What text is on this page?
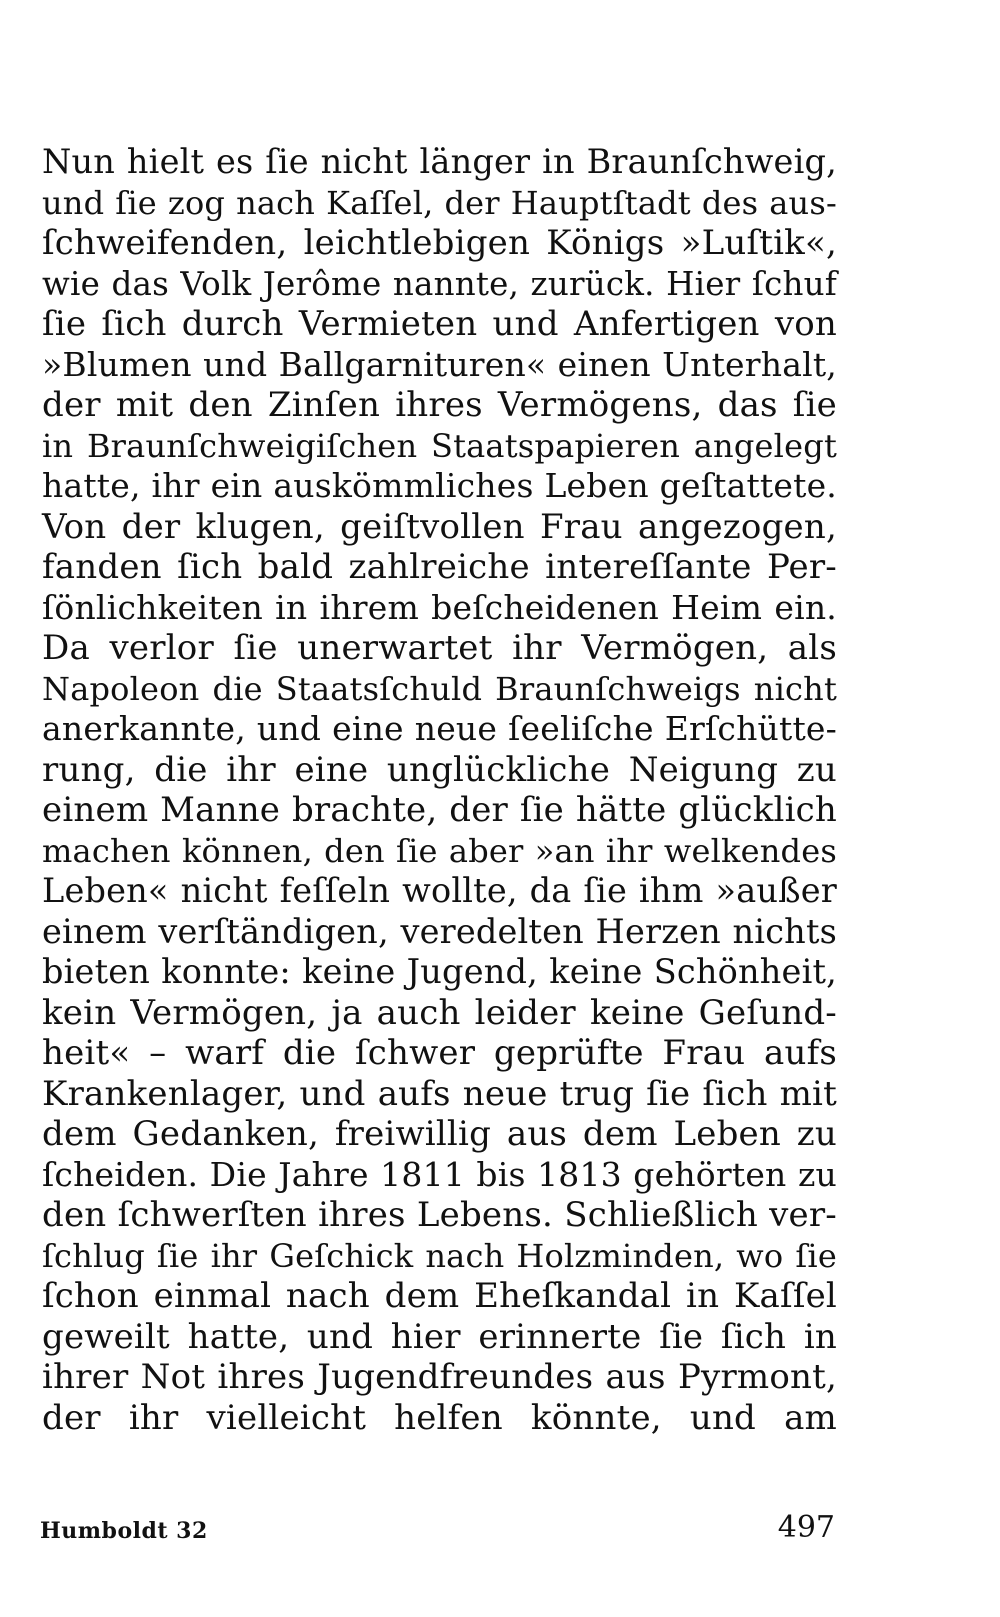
Nun hielt es ſie nicht länger in Braunſchweig,
und ſie zog nach Kaſſel, der Hauptſtadt des aus-
ſchweifenden, leichtlebigen Königs »Luſtik«,
wie das Volk Jerôme nannte, zurück. Hier ſchuf
ſie ſich durch Vermieten und Anfertigen von
»Blumen und Ballgarnituren« einen Unterhalt,
der mit den Zinſen ihres Vermögens, das ſie
in Braunſchweigiſchen Staatspapieren angelegt
hatte, ihr ein auskömmliches Leben geſtattete.
Von der klugen, geiſtvollen Frau angezogen,
fanden ſich bald zahlreiche intereſſante Per-
ſönlichkeiten in ihrem beſcheidenen Heim ein.
Da verlor ſie unerwartet ihr Vermögen, als
Napoleon die Staatsſchuld Braunſchweigs nicht
anerkannte, und eine neue ſeeliſche Erſchütte-
rung, die ihr eine unglückliche Neigung zu
einem Manne brachte, der ſie hätte glücklich
machen können, den ſie aber »an ihr welkendes
Leben« nicht feſſeln wollte, da ſie ihm »außer
einem verſtändigen, veredelten Herzen nichts
bieten konnte: keine Jugend, keine Schönheit,
kein Vermögen, ja auch leider keine Geſund-
heit« – warf die ſchwer geprüfte Frau aufs
Krankenlager, und aufs neue trug ſie ſich mit
dem Gedanken, freiwillig aus dem Leben zu
ſcheiden. Die Jahre 1811 bis 1813 gehörten zu
den ſchwerſten ihres Lebens. Schließlich ver-
ſchlug ſie ihr Geſchick nach Holzminden, wo ſie
ſchon einmal nach dem Eheſkandal in Kaſſel
geweilt hatte, und hier erinnerte ſie ſich in
ihrer Not ihres Jugendfreundes aus Pyrmont,
der ihr vielleicht helfen könnte, und am
Humboldt 32	497
